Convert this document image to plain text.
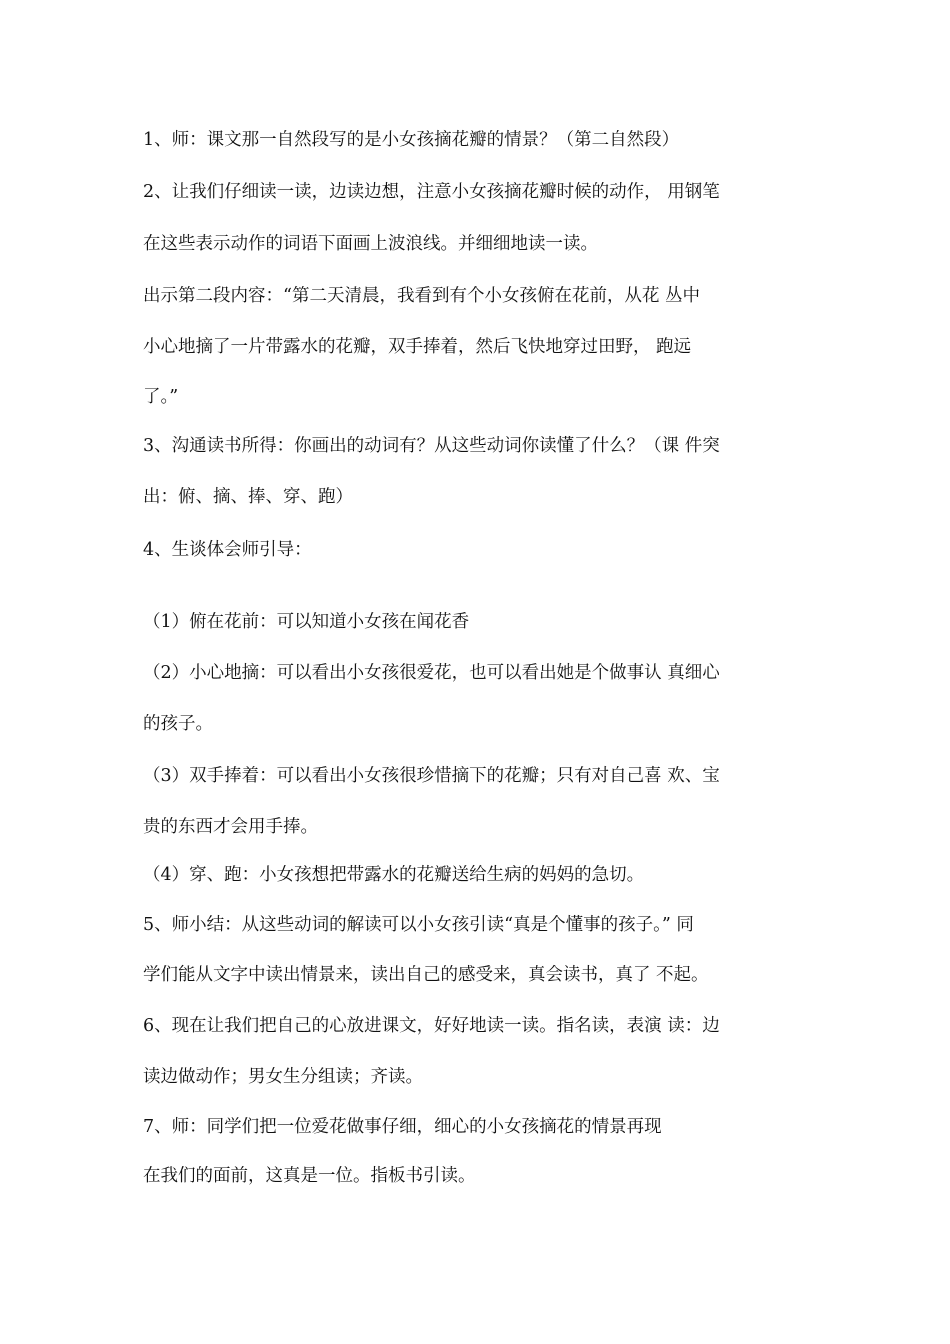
1、师：课文那一自然段写的是小女孩摘花瓣的情景？（第二自然段）
2、让我们仔细读一读，边读边想，注意小女孩摘花瓣时候的动作， 用钢笔
在这些表示动作的词语下面画上波浪线。并细细地读一读。
出示第二段内容：“第二天清晨，我看到有个小女孩俯在花前，从花 丛中
小心地摘了一片带露水的花瓣，双手捧着，然后飞快地穿过田野， 跑远
了。”
3、沟通读书所得：你画出的动词有？从这些动词你读懂了什么？（课 件突
出：俯、摘、捧、穿、跑）
4、生谈体会师引导：
（1）俯在花前：可以知道小女孩在闻花香
（2）小心地摘：可以看出小女孩很爱花，也可以看出她是个做事认 真细心
的孩子。
（3）双手捧着：可以看出小女孩很珍惜摘下的花瓣；只有对自己喜 欢、宝
贵的东西才会用手捧。
（4）穿、跑：小女孩想把带露水的花瓣送给生病的妈妈的急切。
5、师小结：从这些动词的解读可以小女孩引读“真是个懂事的孩子。” 同
学们能从文字中读出情景来，读出自己的感受来，真会读书，真了 不起。
6、现在让我们把自己的心放进课文，好好地读一读。指名读，表演 读：边
读边做动作；男女生分组读；齐读。
7、师：同学们把一位爱花做事仔细，细心的小女孩摘花的情景再现
在我们的面前，这真是一位。指板书引读。
